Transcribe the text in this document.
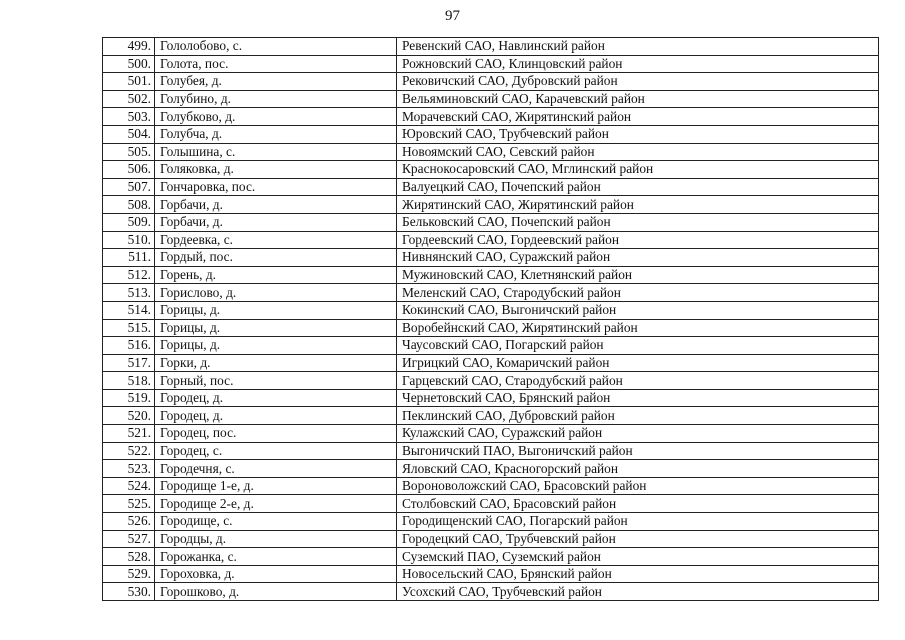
97
499.	Гололобово, с.	Ревенский САО, Навлинский район
500.	Голота, пос.	Рожновский САО, Клинцовский район
501.	Голубея, д.	Рековичский САО, Дубровский район
502.	Голубино, д.	Вельяминовский САО, Карачевский район
503.	Голубково, д.	Морачевский САО, Жирятинский район
504.	Голубча, д.	Юровский САО, Трубчевский район
505.	Голышина, с.	Новоямский САО, Севский район
506.	Голяковка, д.	Краснокосаровский САО, Мглинский район
507.	Гончаровка, пос.	Валуецкий САО, Почепский район
508.	Горбачи, д.	Жирятинский САО, Жирятинский район
509.	Горбачи, д.	Бельковский САО, Почепский район
510.	Гордеевка, с.	Гордеевский САО, Гордеевский район
511.	Гордый, пос.	Нивнянский САО, Суражский район
512.	Горень, д.	Мужиновский САО, Клетнянский район
513.	Горислово, д.	Меленский САО, Стародубский район
514.	Горицы, д.	Кокинский САО, Выгоничский район
515.	Горицы, д.	Воробейнский САО, Жирятинский район
516.	Горицы, д.	Чаусовский САО, Погарский район
517.	Горки, д.	Игрицкий САО, Комаричский район
518.	Горный, пос.	Гарцевский САО, Стародубский район
519.	Городец, д.	Чернетовский САО, Брянский район
520.	Городец, д.	Пеклинский САО, Дубровский район
521.	Городец, пос.	Кулажский САО, Суражский район
522.	Городец, с.	Выгоничский ПАО, Выгоничский район
523.	Городечня, с.	Яловский САО, Красногорский район
524.	Городище 1-е, д.	Вороноволожский САО, Брасовский район
525.	Городище 2-е, д.	Столбовский САО, Брасовский район
526.	Городище, с.	Городищенский САО, Погарский район
527.	Городцы, д.	Городецкий САО, Трубчевский район
528.	Горожанка, с.	Суземский ПАО, Суземский район
529.	Гороховка, д.	Новосельский САО, Брянский район
530.	Горошково, д.	Усохский САО, Трубчевский район
